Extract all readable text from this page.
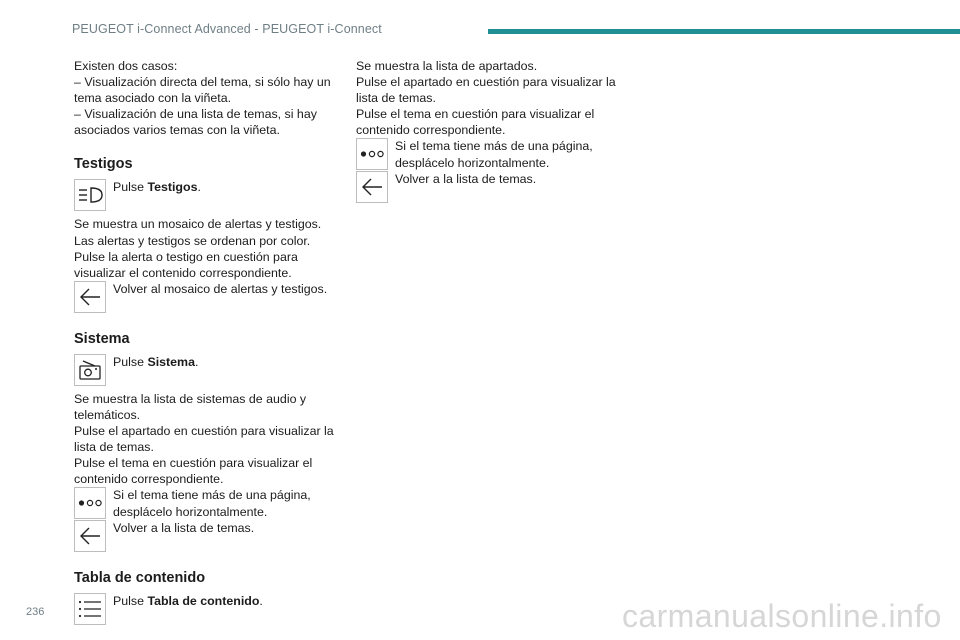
PEUGEOT i-Connect Advanced - PEUGEOT i-Connect

Existen dos casos:

– Visualización directa del tema, si sólo hay un tema asociado con la viñeta.

– Visualización de una lista de temas, si hay asociados varios temas con la viñeta.

Testigos
Pulse Testigos.

Se muestra un mosaico de alertas y testigos.

Las alertas y testigos se ordenan por color.

Pulse la alerta o testigo en cuestión para visualizar el contenido correspondiente.

Volver al mosaico de alertas y testigos.
Sistema
Pulse Sistema.

Se muestra la lista de sistemas de audio y telemáticos.

Pulse el apartado en cuestión para visualizar la lista de temas.

Pulse el tema en cuestión para visualizar el contenido correspondiente.

Si el tema tiene más de una página, desplácelo horizontalmente.
Volver a la lista de temas.
Tabla de contenido
Pulse Tabla de contenido.

Se muestra la lista de apartados.

Pulse el apartado en cuestión para visualizar la lista de temas.

Pulse el tema en cuestión para visualizar el contenido correspondiente.

Si el tema tiene más de una página, desplácelo horizontalmente.
Volver a la lista de temas.
236	carmanualsonline.info
